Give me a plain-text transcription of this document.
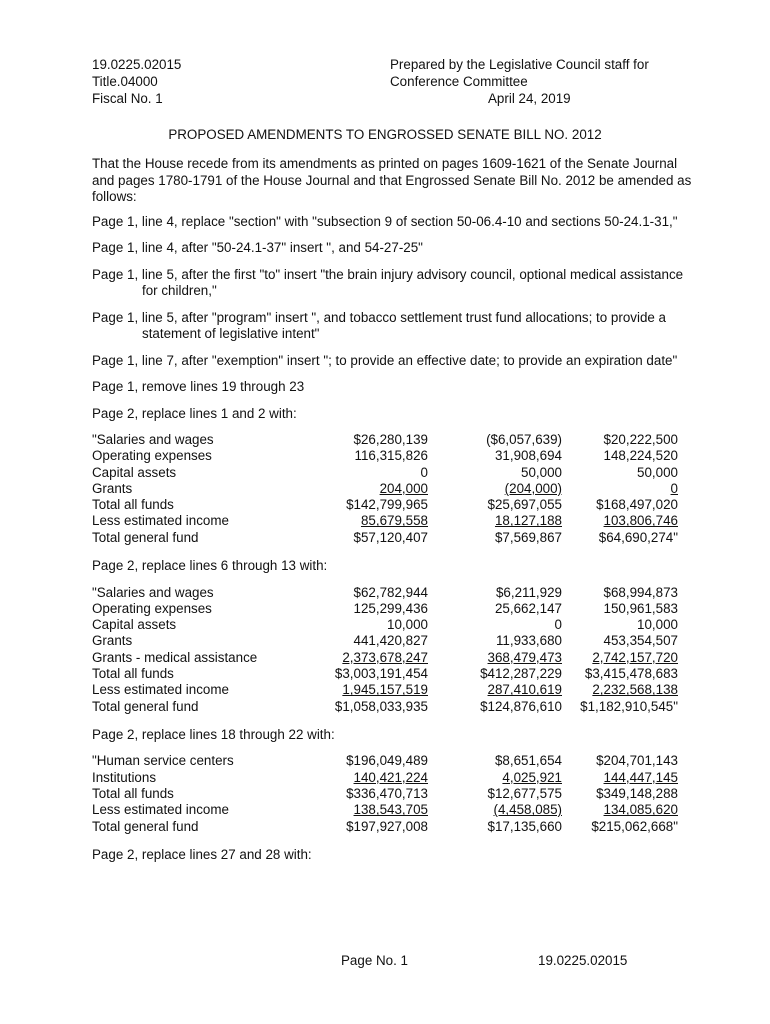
19.0225.02015
Title.04000
Fiscal No. 1
Prepared by the Legislative Council staff for
Conference Committee
April 24, 2019
PROPOSED AMENDMENTS TO ENGROSSED SENATE BILL NO. 2012

That the House recede from its amendments as printed on pages 1609-1621 of the Senate Journal and pages 1780-1791 of the House Journal and that Engrossed Senate Bill No. 2012 be amended as follows:

Page 1, line 4, replace "section" with "subsection 9 of section 50-06.4-10 and sections 50-24.1-31,"

Page 1, line 4, after "50-24.1-37" insert ", and 54-27-25"

Page 1, line 5, after the first "to" insert "the brain injury advisory council, optional medical assistance for children,"

Page 1, line 5, after "program" insert ", and tobacco settlement trust fund allocations; to provide a statement of legislative intent"

Page 1, line 7, after "exemption" insert "; to provide an effective date; to provide an expiration date"

Page 1, remove lines 19 through 23

Page 2, replace lines 1 and 2 with:

"Salaries and wages	$26,280,139	($6,057,639)	$20,222,500
Operating expenses	116,315,826	31,908,694	148,224,520
Capital assets	0	50,000	50,000
Grants	204,000	(204,000)	0
Total all funds	$142,799,965	$25,697,055	$168,497,020
Less estimated income	85,679,558	18,127,188	103,806,746
Total general fund	$57,120,407	$7,569,867	$64,690,274"

Page 2, replace lines 6 through 13 with:

"Salaries and wages	$62,782,944	$6,211,929	$68,994,873
Operating expenses	125,299,436	25,662,147	150,961,583
Capital assets	10,000	0	10,000
Grants	441,420,827	11,933,680	453,354,507
Grants - medical assistance	2,373,678,247	368,479,473	2,742,157,720
Total all funds	$3,003,191,454	$412,287,229	$3,415,478,683
Less estimated income	1,945,157,519	287,410,619	2,232,568,138
Total general fund	$1,058,033,935	$124,876,610	$1,182,910,545"

Page 2, replace lines 18 through 22 with:

"Human service centers	$196,049,489	$8,651,654	$204,701,143
Institutions	140,421,224	4,025,921	144,447,145
Total all funds	$336,470,713	$12,677,575	$349,148,288
Less estimated income	138,543,705	(4,458,085)	134,085,620
Total general fund	$197,927,008	$17,135,660	$215,062,668"

Page 2, replace lines 27 and 28 with:

Page No. 1	19.0225.02015
